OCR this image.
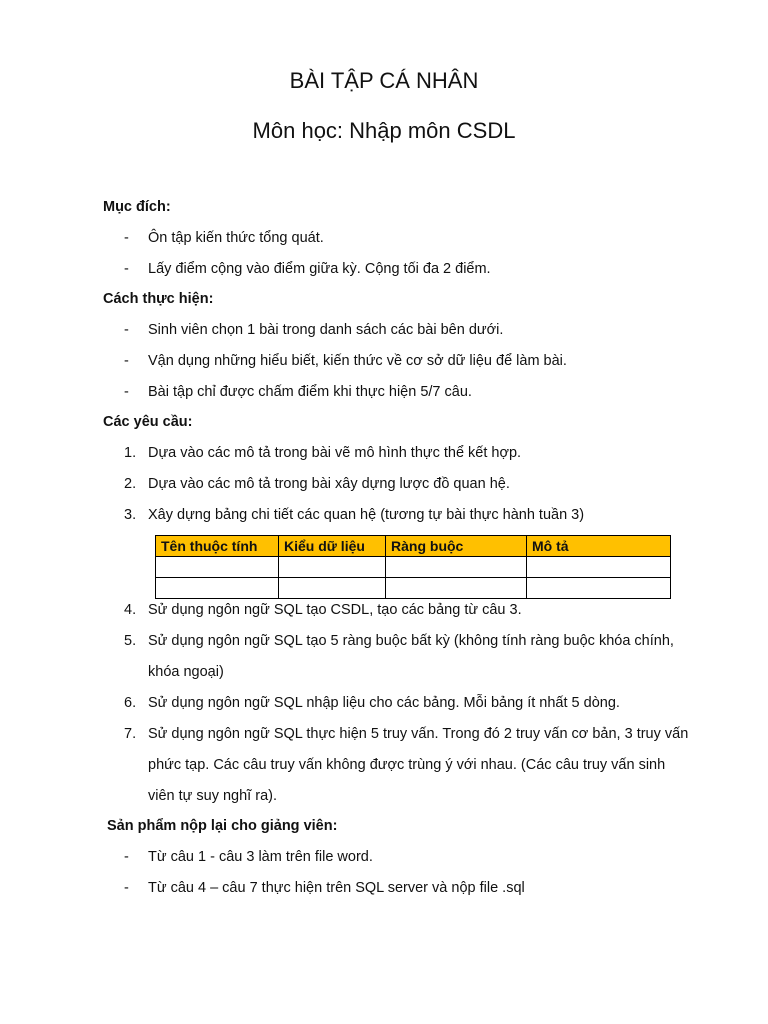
BÀI TẬP CÁ NHÂN
Môn học: Nhập môn CSDL
Mục đích:
- Ôn tập kiến thức tổng quát.
- Lấy điểm cộng vào điểm giữa kỳ. Cộng tối đa 2 điểm.
Cách thực hiện:
- Sinh viên chọn 1 bài trong danh sách các bài bên dưới.
- Vận dụng những hiểu biết, kiến thức về cơ sở dữ liệu để làm bài.
- Bài tập chỉ được chấm điểm khi thực hiện 5/7 câu.
Các yêu cầu:
1. Dựa vào các mô tả trong bài vẽ mô hình thực thể kết hợp.
2. Dựa vào các mô tả trong bài xây dựng lược đồ quan hệ.
3. Xây dựng bảng chi tiết các quan hệ (tương tự bài thực hành tuần 3)
Tên thuộc tính	Kiểu dữ liệu	Ràng buộc	Mô tả

4. Sử dụng ngôn ngữ SQL tạo CSDL, tạo các bảng từ câu 3.
5. Sử dụng ngôn ngữ SQL tạo 5 ràng buộc bất kỳ (không tính ràng buộc khóa chính,
khóa ngoại)
6. Sử dụng ngôn ngữ SQL nhập liệu cho các bảng. Mỗi bảng ít nhất 5 dòng.
7. Sử dụng ngôn ngữ SQL thực hiện 5 truy vấn. Trong đó 2 truy vấn cơ bản, 3 truy vấn
phức tạp. Các câu truy vấn không được trùng ý với nhau. (Các câu truy vấn sinh
viên tự suy nghĩ ra).
Sản phẩm nộp lại cho giảng viên:
- Từ câu 1 - câu 3 làm trên file word.
- Từ câu 4 – câu 7 thực hiện trên SQL server và nộp file .sql
